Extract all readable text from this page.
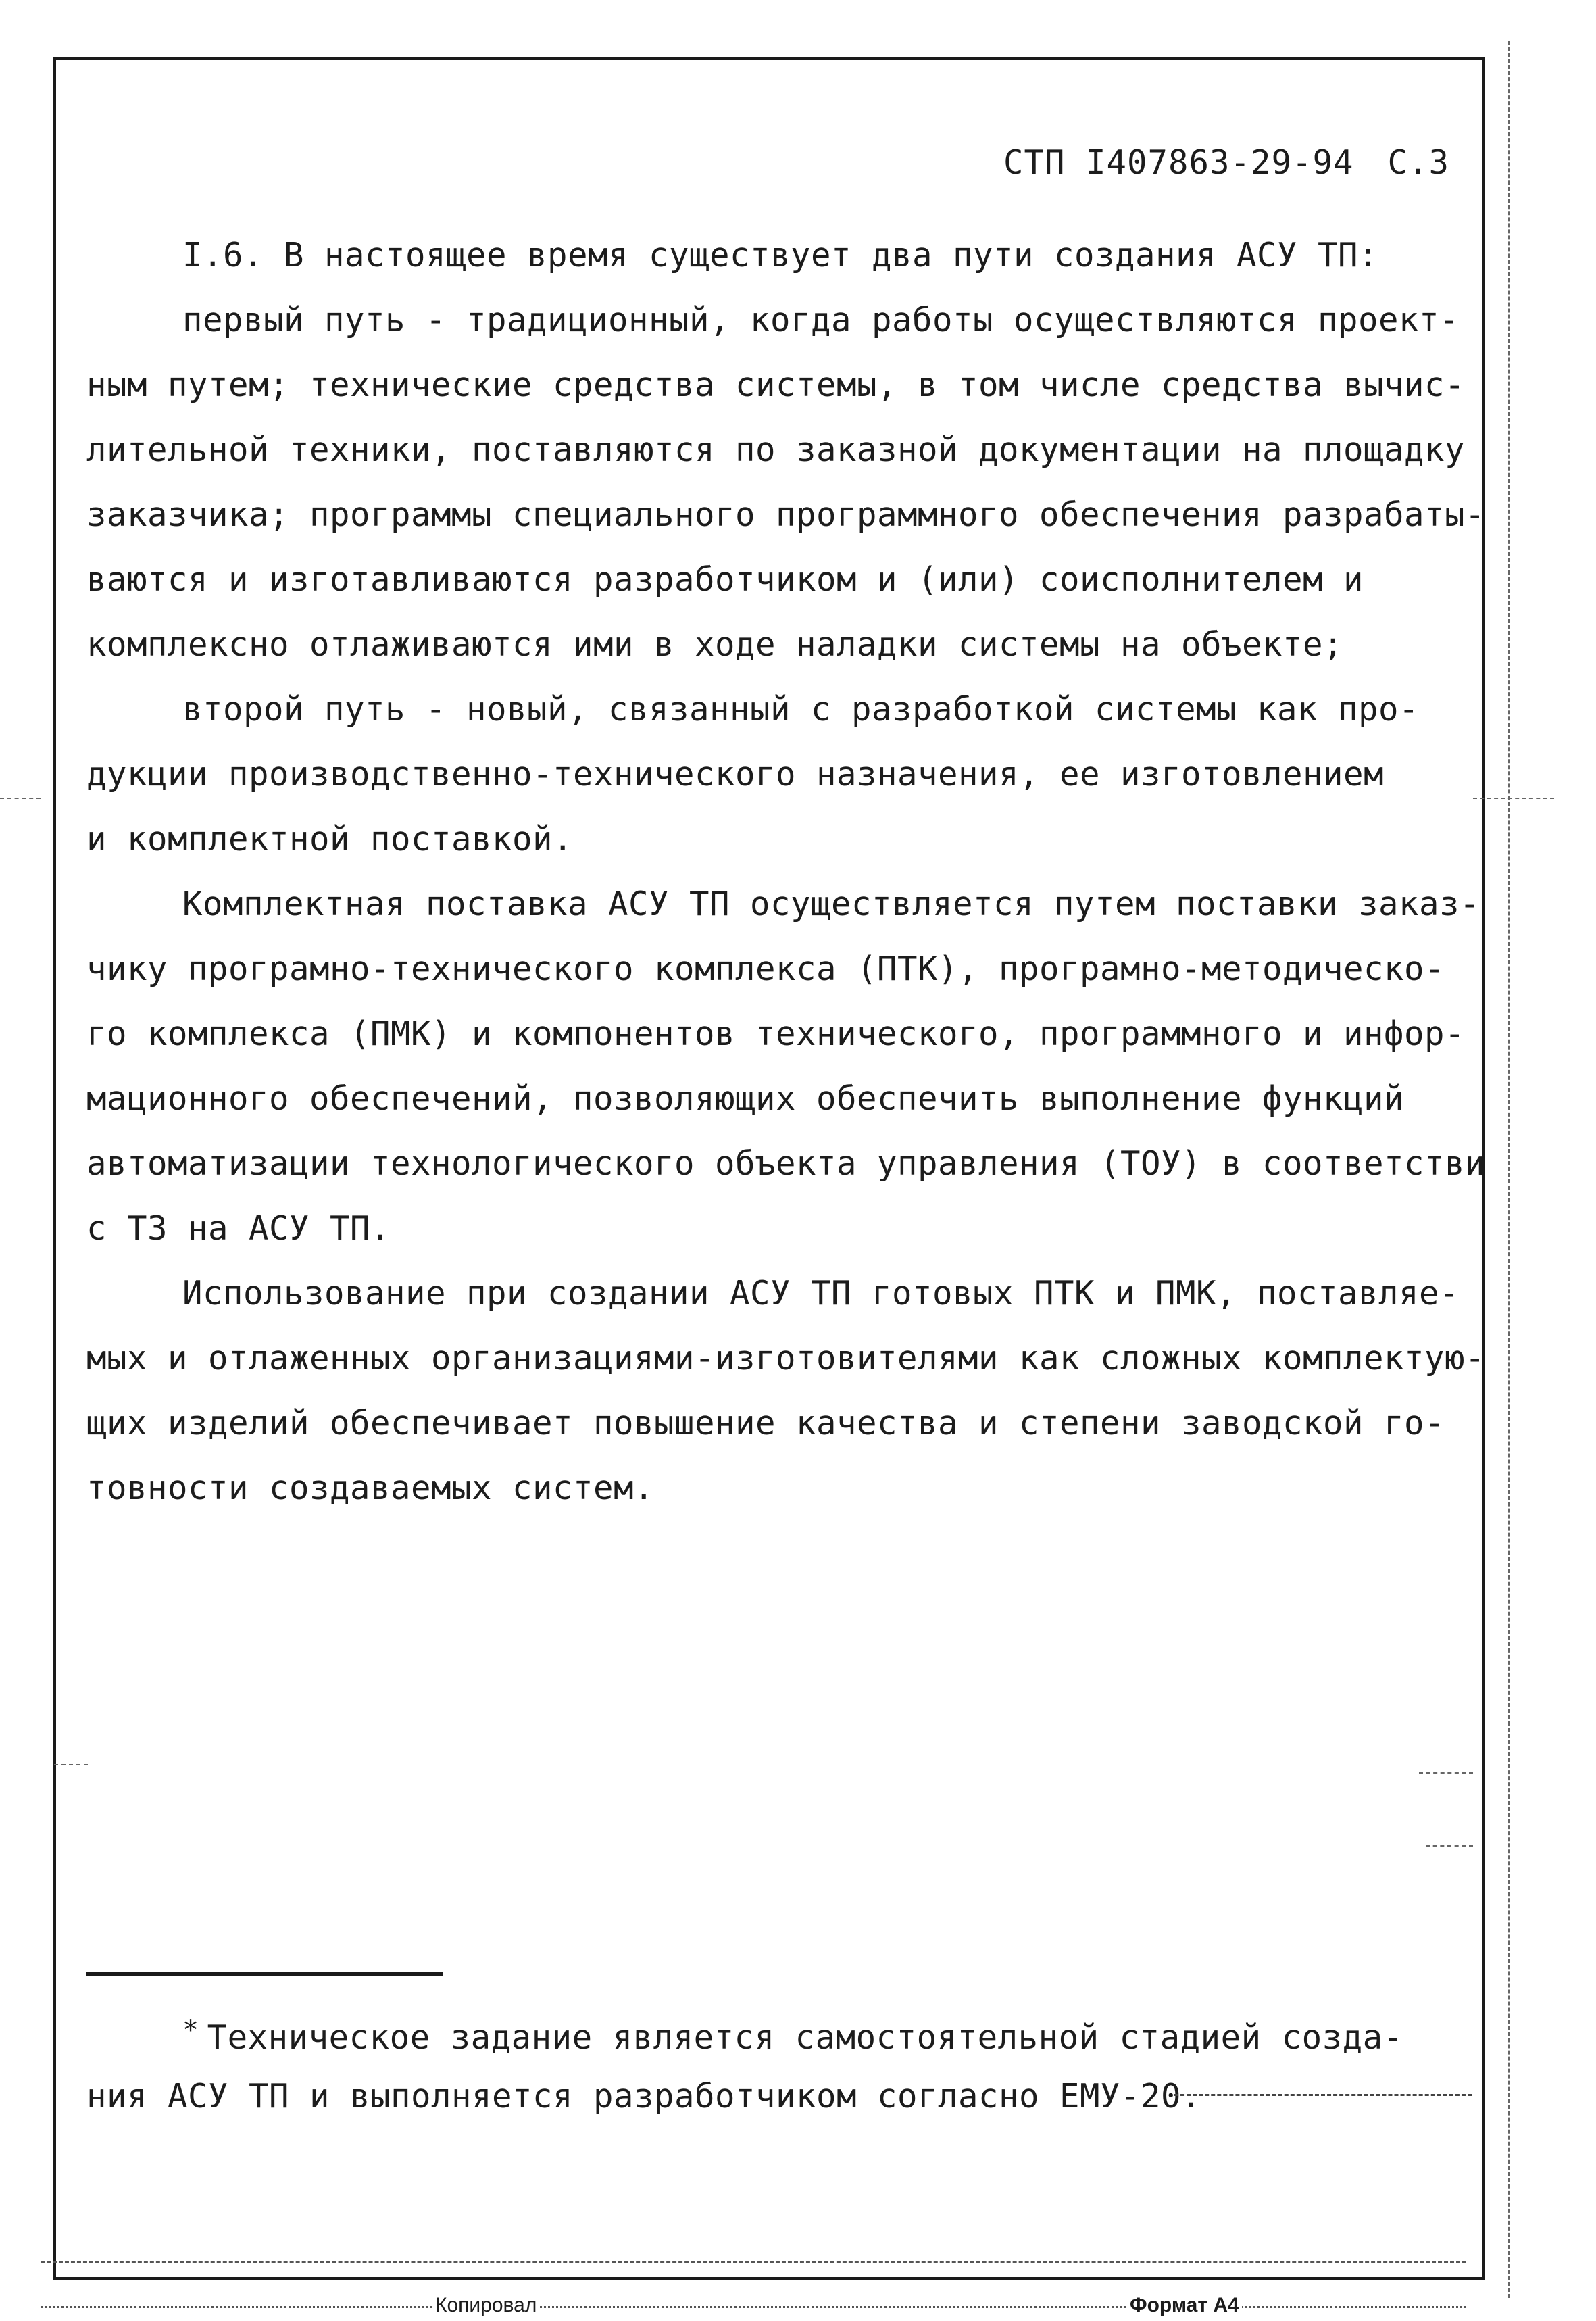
СТП I407863-29-94 С.3
I.6. В настоящее время существует два пути создания АСУ ТП:
первый путь - традиционный, когда работы осуществляются проект-
ным путем; технические средства системы, в том числе средства вычис-
лительной техники, поставляются по заказной документации на площадку
заказчика; программы специального программного обеспечения разрабаты-
ваются и изготавливаются разработчиком и (или) соисполнителем и
комплексно отлаживаются ими в ходе наладки системы на объекте;
второй путь - новый, связанный с разработкой системы как про-
дукции производственно-технического назначения, ее изготовлением
и комплектной поставкой.
Комплектная поставка АСУ ТП осуществляется путем поставки заказ-
чику програмно-технического комплекса (ПТК), програмно-методическо-
го комплекса (ПМК) и компонентов технического, программного и инфор-
мационного обеспечений, позволяющих обеспечить выполнение функций
автоматизации технологического объекта управления (ТОУ) в соответстви
с ТЗ на АСУ ТП.
Использование при создании АСУ ТП готовых ПТК и ПМК, поставляе-
мых и отлаженных организациями-изготовителями как сложных комплектую-
щих изделий обеспечивает повышение качества и степени заводской го-
товности создаваемых систем.
* Техническое задание является самостоятельной стадией созда-
ния АСУ ТП и выполняется разработчиком согласно ЕМУ-20.
Копировал	Формат А4
